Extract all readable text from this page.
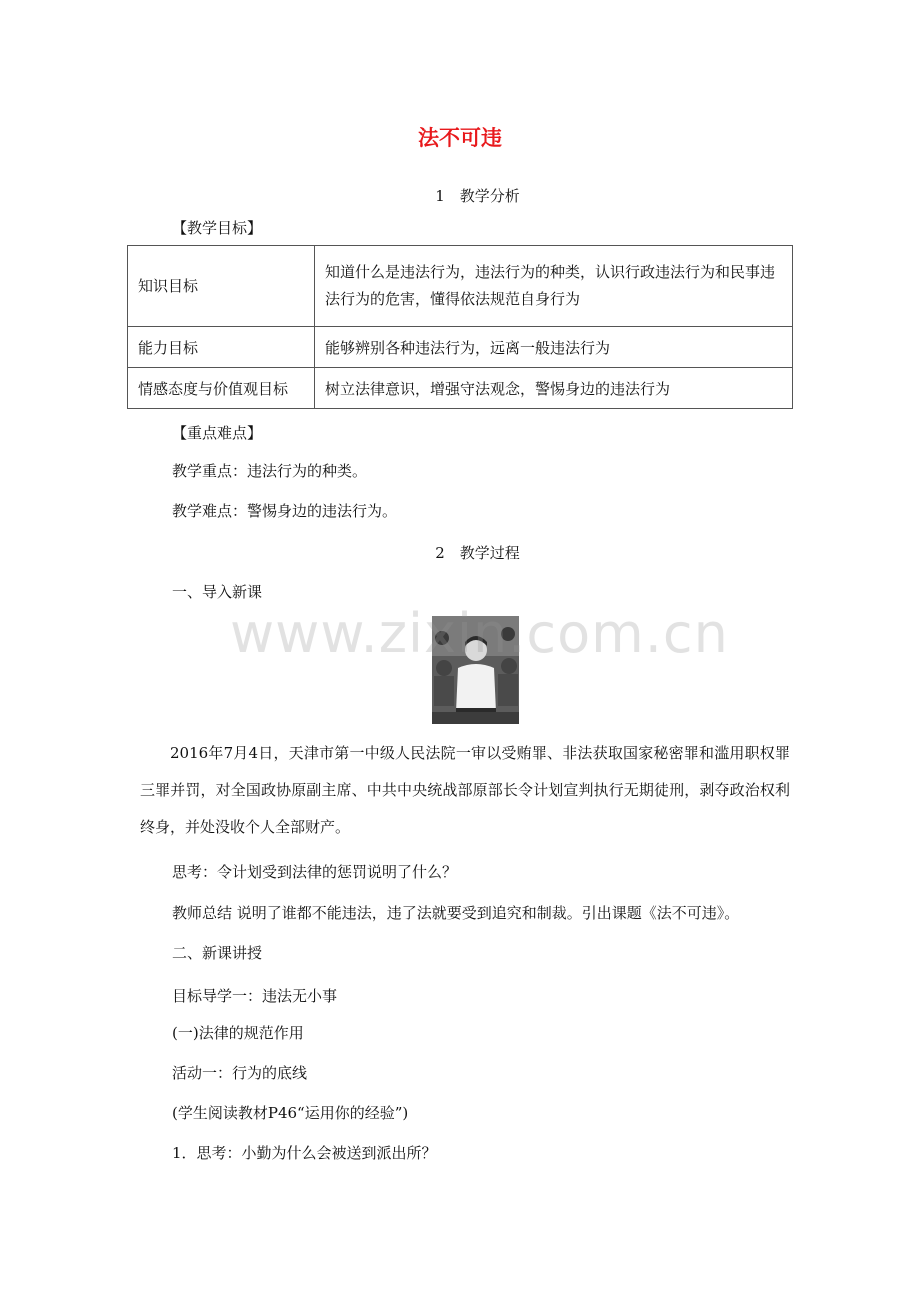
法不可违
1　教学分析
【教学目标】
知识目标	知道什么是违法行为，违法行为的种类，认识行政违法行为和民事违法行为的危害，懂得依法规范自身行为
能力目标	能够辨别各种违法行为，远离一般违法行为
情感态度与价值观目标	树立法律意识，增强守法观念，警惕身边的违法行为
【重点难点】
教学重点：违法行为的种类。
教学难点：警惕身边的违法行为。
2　教学过程
一、导入新课
www.zixin.com.cn
2016年7月4日，天津市第一中级人民法院一审以受贿罪、非法获取国家秘密罪和滥用职权罪三罪并罚，对全国政协原副主席、中共中央统战部原部长令计划宣判执行无期徒刑，剥夺政治权利终身，并处没收个人全部财产。
思考：令计划受到法律的惩罚说明了什么？
教师总结 说明了谁都不能违法，违了法就要受到追究和制裁。引出课题《法不可违》。
二、新课讲授
目标导学一：违法无小事
(一)法律的规范作用
活动一：行为的底线
(学生阅读教材P46“运用你的经验”)
1．思考：小勤为什么会被送到派出所？
